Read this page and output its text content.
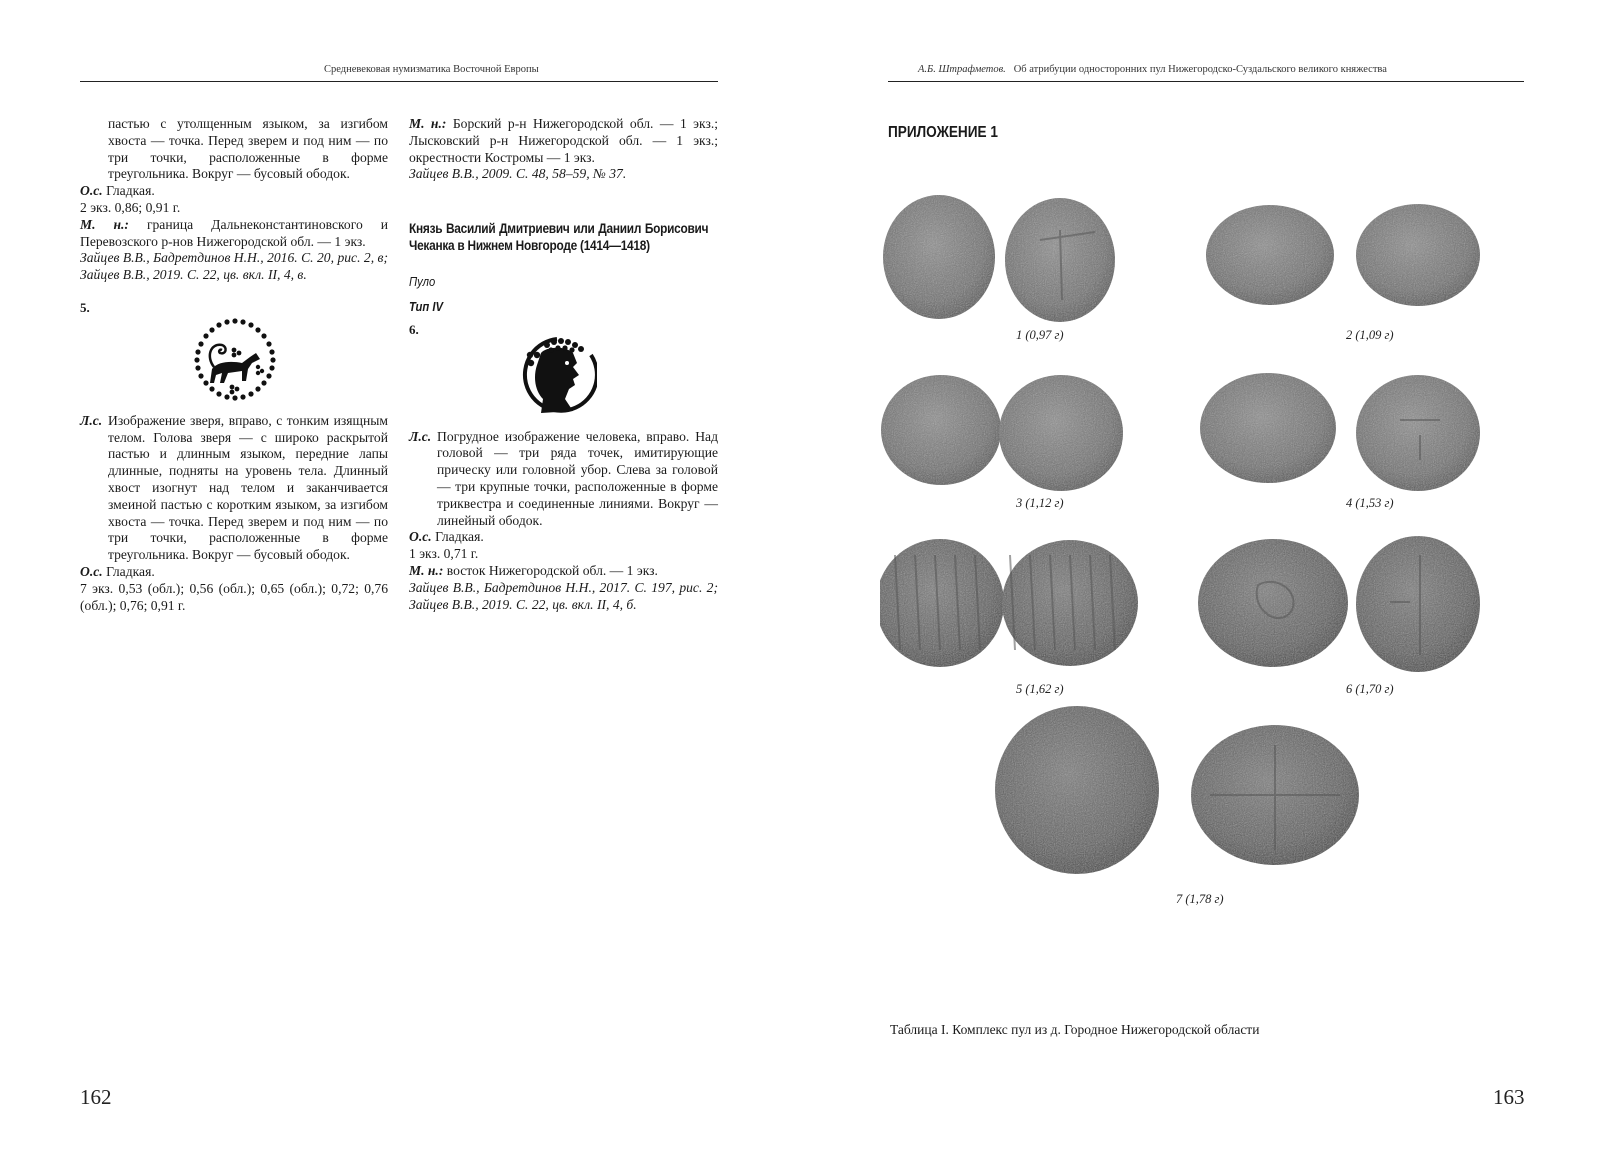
Средневековая нумизматика Восточной Европы

пастью с утолщенным языком, за изгибом хвоста — точка. Перед зверем и под ним — по три точки, расположенные в форме треугольника. Вокруг — бусовый ободок.

О.с. Гладкая.

2 экз. 0,86; 0,91 г.

М. н.: граница Дальнеконстантиновского и Перевозского р-нов Нижегородской обл. — 1 экз.

Зайцев В.В., Бадретдинов Н.Н., 2016. С. 20, рис. 2, в; Зайцев В.В., 2019. С. 22, цв. вкл. II, 4, в.

5.

Л.с. Изображение зверя, вправо, с тонким изящным телом. Голова зверя — с широко раскрытой пастью и длинным языком, передние лапы длинные, подняты на уровень тела. Длинный хвост изогнут над телом и заканчивается змеиной пастью с коротким языком, за изгибом хвоста — точка. Перед зверем и под ним — по три точки, расположенные в форме треугольника. Вокруг — бусовый ободок.

О.с. Гладкая.

7 экз. 0,53 (обл.); 0,56 (обл.); 0,65 (обл.); 0,72; 0,76 (обл.); 0,76; 0,91 г.

М. н.: Борский р-н Нижегородской обл. — 1 экз.; Лысковский р-н Нижегородской обл. — 1 экз.; окрестности Костромы — 1 экз.

Зайцев В.В., 2009. С. 48, 58–59, № 37.

Князь Василий Дмитриевич или Даниил Борисович Чеканка в Нижнем Новгороде (1414—1418)
Пуло
Тип IV

6.

Л.с. Погрудное изображение человека, вправо. Над головой — три ряда точек, имитирующие прическу или головной убор. Слева за головой — три крупные точки, расположенные в форме триквестра и соединенные линиями. Вокруг — линейный ободок.

О.с. Гладкая.

1 экз. 0,71 г.

М. н.: восток Нижегородской обл. — 1 экз.

Зайцев В.В., Бадретдинов Н.Н., 2017. С. 197, рис. 2; Зайцев В.В., 2019. С. 22, цв. вкл. II, 4, б.

162
А.Б. Штрафметов. Об атрибуции односторонних пул Нижегородско-Суздальского великого княжества
ПРИЛОЖЕНИЕ 1
1 (0,97 г)	2 (1,09 г)
3 (1,12 г)	4 (1,53 г)
5 (1,62 г)	6 (1,70 г)
7 (1,78 г)
Таблица I. Комплекс пул из д. Городное Нижегородской области
163
